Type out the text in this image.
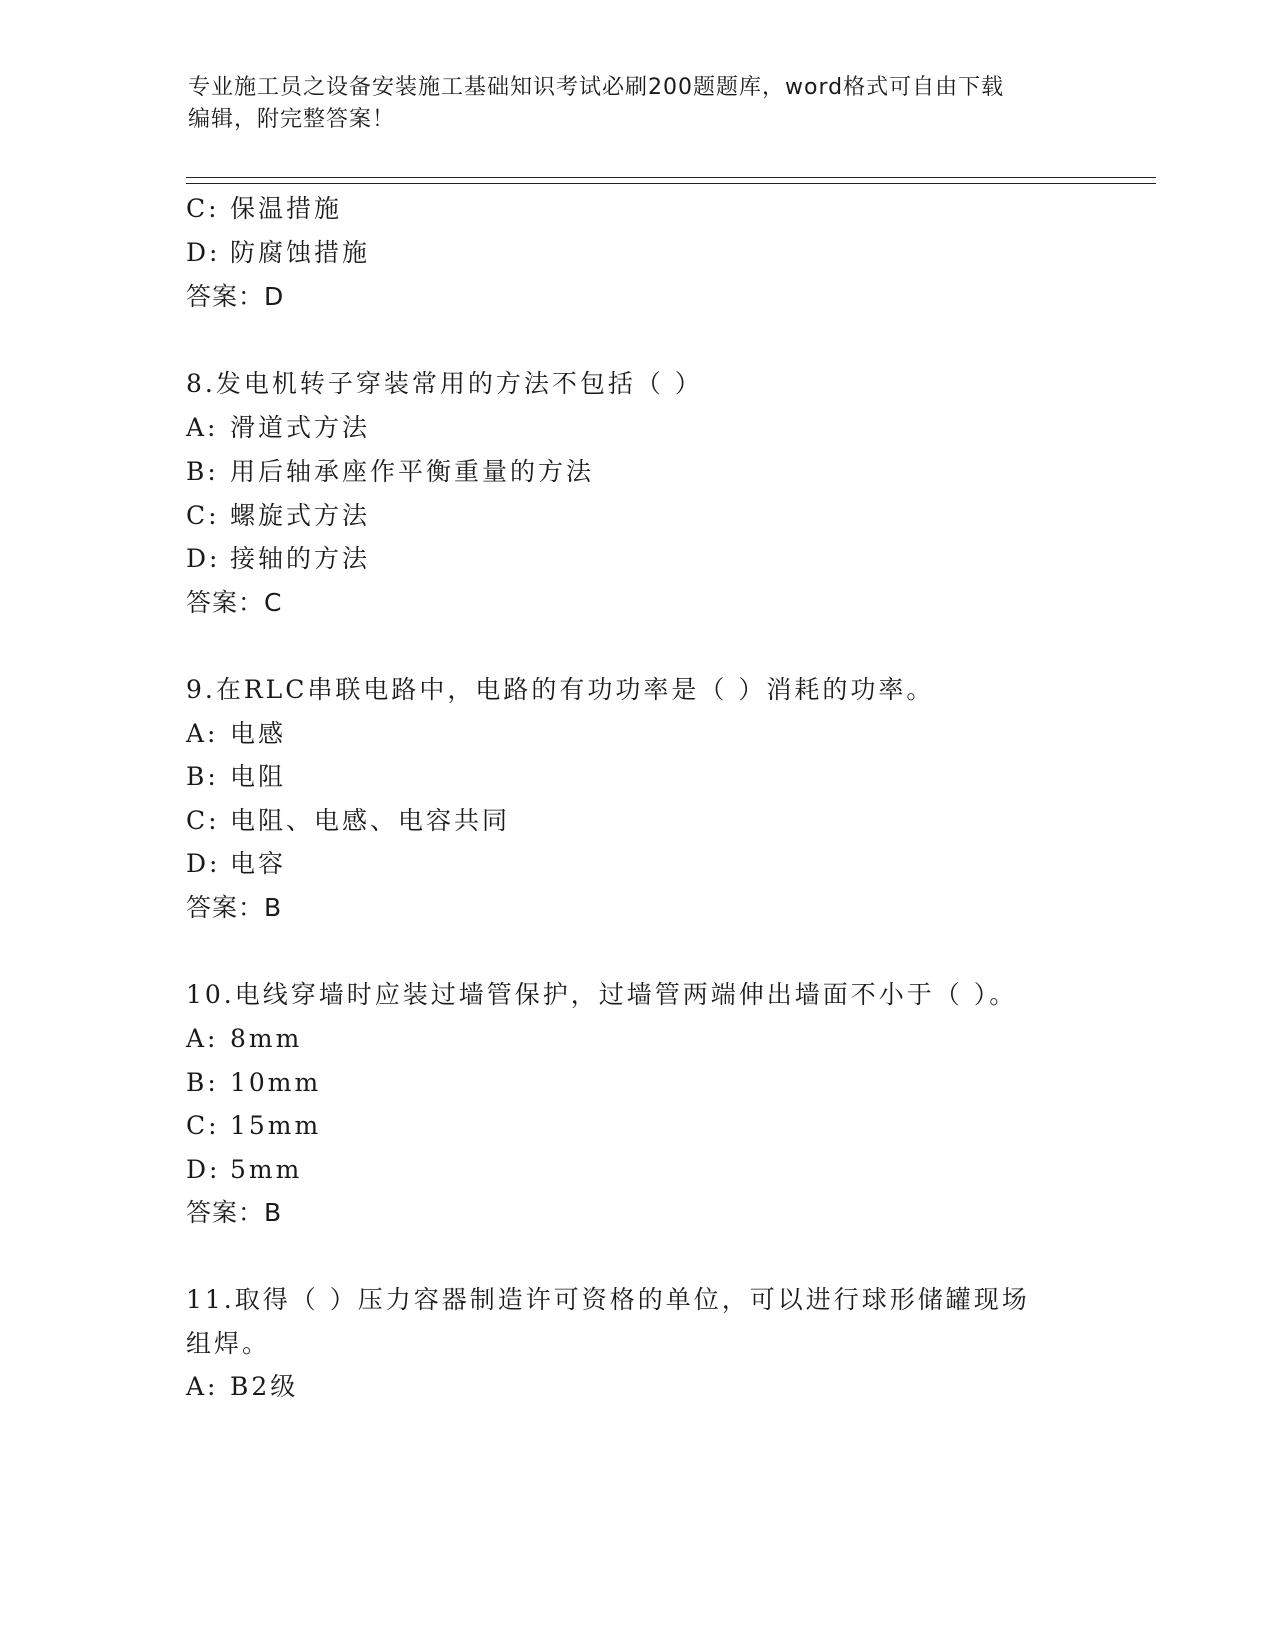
专业施工员之设备安装施工基础知识考试必刷200题题库，word格式可自由下载
编辑，附完整答案！
C: 保温措施
D: 防腐蚀措施
答案：D
8.发电机转子穿装常用的方法不包括（ ）
A: 滑道式方法
B: 用后轴承座作平衡重量的方法
C: 螺旋式方法
D: 接轴的方法
答案：C
9.在RLC串联电路中，电路的有功功率是（ ）消耗的功率。
A: 电感
B: 电阻
C: 电阻、电感、电容共同
D: 电容
答案：B
10.电线穿墙时应装过墙管保护，过墙管两端伸出墙面不小于（ ）。
A: 8mm
B: 10mm
C: 15mm
D: 5mm
答案：B
11.取得（ ）压力容器制造许可资格的单位，可以进行球形储罐现场
组焊。
A: B2级
